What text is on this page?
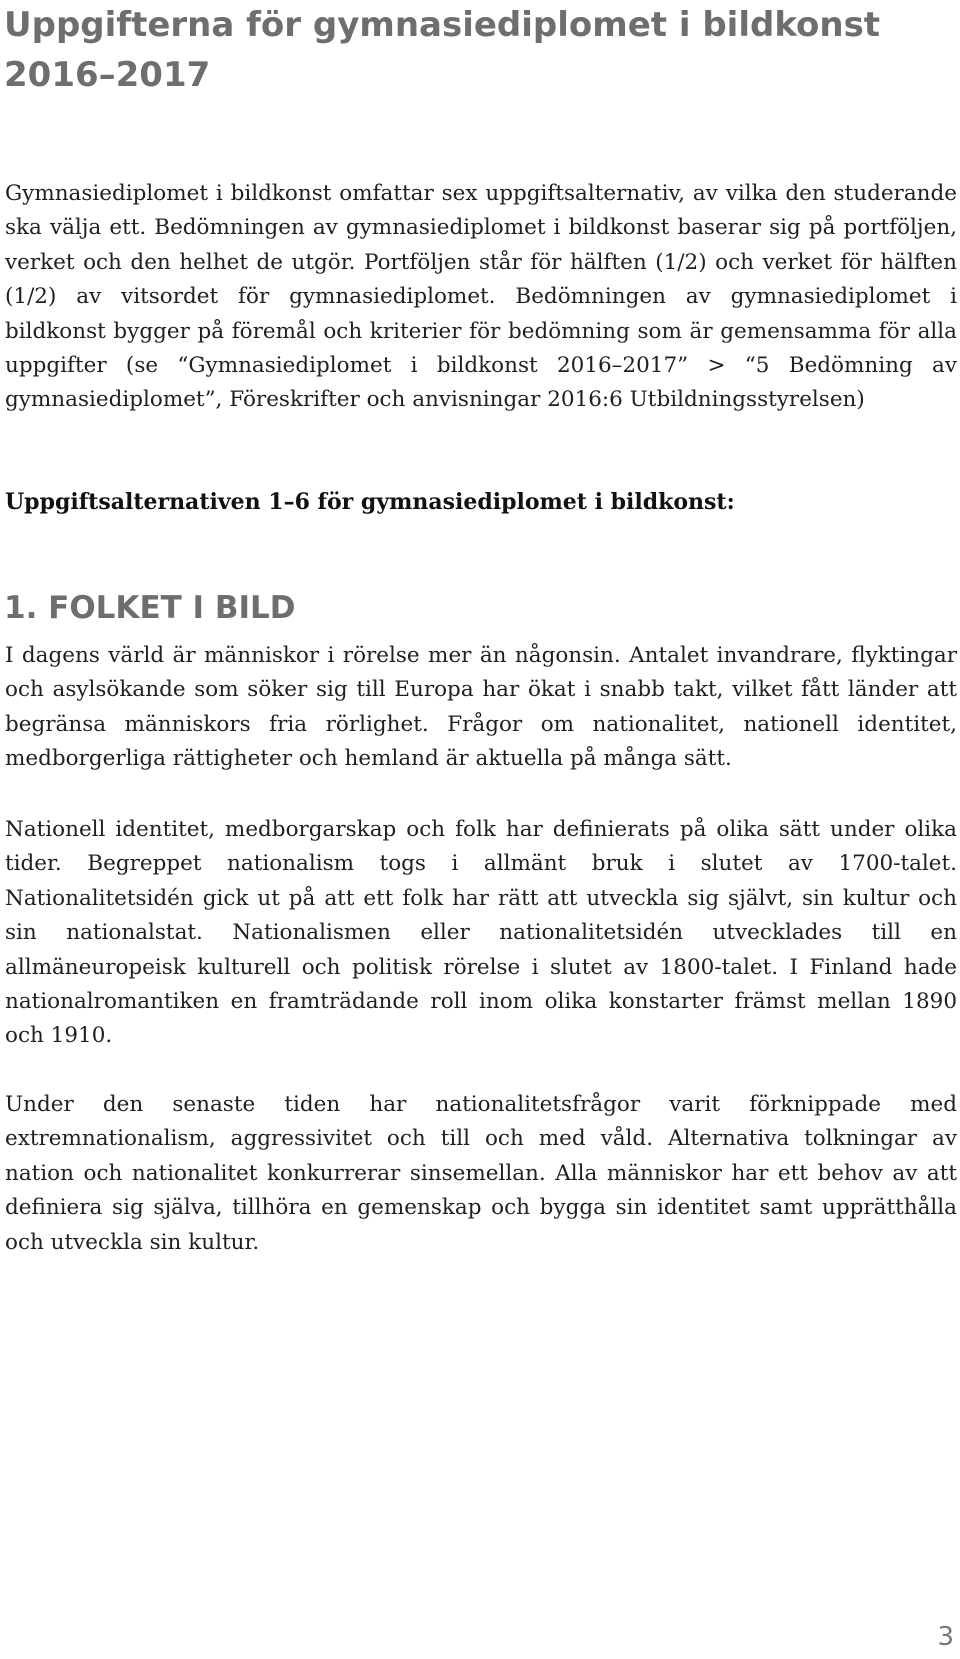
Uppgifterna för gymnasiediplomet i bildkonst
2016–2017

Gymnasiediplomet i bildkonst omfattar sex uppgiftsalternativ, av vilka den studerande ska välja ett. Bedömningen av gymnasiediplomet i bildkonst baserar sig på portföljen, verket och den helhet de utgör. Portföljen står för hälften (1/2) och verket för hälften (1/2) av vitsordet för gymnasiediplomet. Bedömningen av gymnasiediplomet i bildkonst bygger på föremål och kriterier för bedömning som är gemensamma för alla uppgifter (se “Gymnasiediplomet i bildkonst 2016–2017” > “5 Bedömning av gymnasiediplomet”, Föreskrifter och anvisningar 2016:6 Utbildningsstyrelsen)

Uppgiftsalternativen 1–6 för gymnasiediplomet i bildkonst:
1. FOLKET I BILD

I dagens värld är människor i rörelse mer än någonsin. Antalet invandrare, flyktingar och asylsökande som söker sig till Europa har ökat i snabb takt, vilket fått länder att begränsa människors fria rörlighet. Frågor om nationalitet, nationell identitet, medborgerliga rättigheter och hemland är aktuella på många sätt.

Nationell identitet, medborgarskap och folk har definierats på olika sätt under olika tider. Begreppet nationalism togs i allmänt bruk i slutet av 1700-talet. Nationalitetsidén gick ut på att ett folk har rätt att utveckla sig självt, sin kultur och sin nationalstat. Nationalismen eller nationalitetsidén utvecklades till en allmäneuropeisk kulturell och politisk rörelse i slutet av 1800-talet. I Finland hade nationalromantiken en framträdande roll inom olika konstarter främst mellan 1890 och 1910.

Under den senaste tiden har nationalitetsfrågor varit förknippade med extremnationalism, aggressivitet och till och med våld. Alternativa tolkningar av nation och nationalitet konkurrerar sinsemellan. Alla människor har ett behov av att definiera sig själva, tillhöra en gemenskap och bygga sin identitet samt upprätthålla och utveckla sin kultur.

3
